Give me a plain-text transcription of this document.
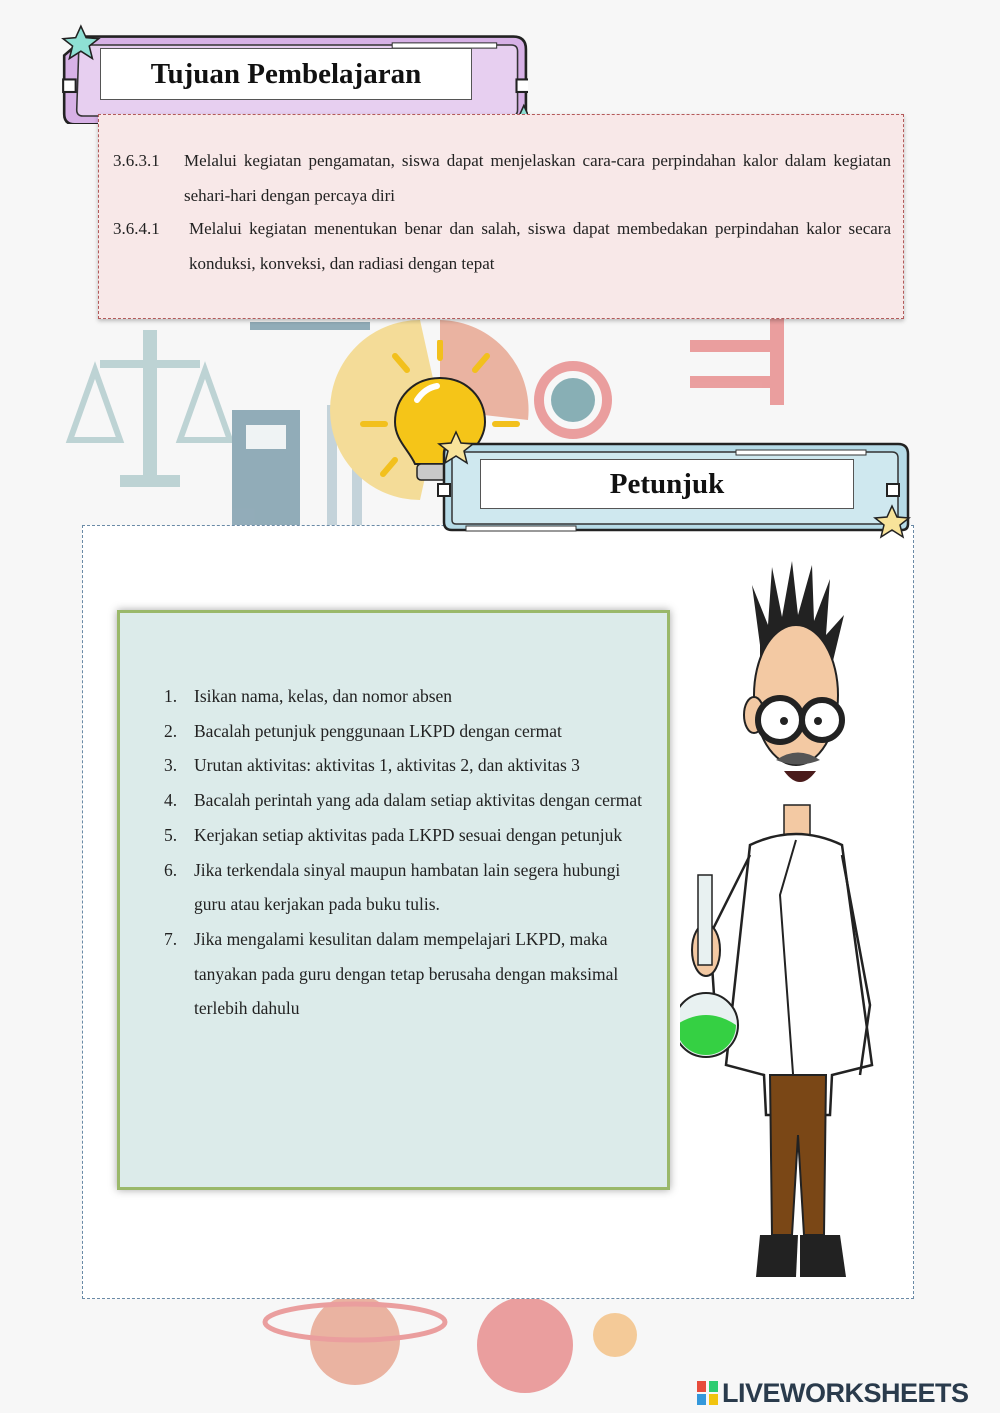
Tujuan Pembelajaran
3.6.3.1 Melalui kegiatan pengamatan, siswa dapat menjelaskan cara-cara perpindahan kalor dalam kegiatan sehari-hari dengan percaya diri
3.6.4.1 Melalui kegiatan menentukan benar dan salah, siswa dapat membedakan perpindahan kalor secara konduksi, konveksi, dan radiasi dengan tepat
Petunjuk
1. Isikan nama, kelas, dan nomor absen
2. Bacalah petunjuk penggunaan LKPD dengan cermat
3. Urutan aktivitas: aktivitas 1, aktivitas 2, dan aktivitas 3
4. Bacalah perintah yang ada dalam setiap aktivitas dengan cermat
5. Kerjakan setiap aktivitas pada LKPD sesuai dengan petunjuk
6. Jika terkendala sinyal maupun hambatan lain segera hubungi guru atau kerjakan pada buku tulis.
7. Jika mengalami kesulitan dalam mempelajari LKPD, maka tanyakan pada guru dengan tetap berusaha dengan maksimal terlebih dahulu
LIVEWORKSHEETS
